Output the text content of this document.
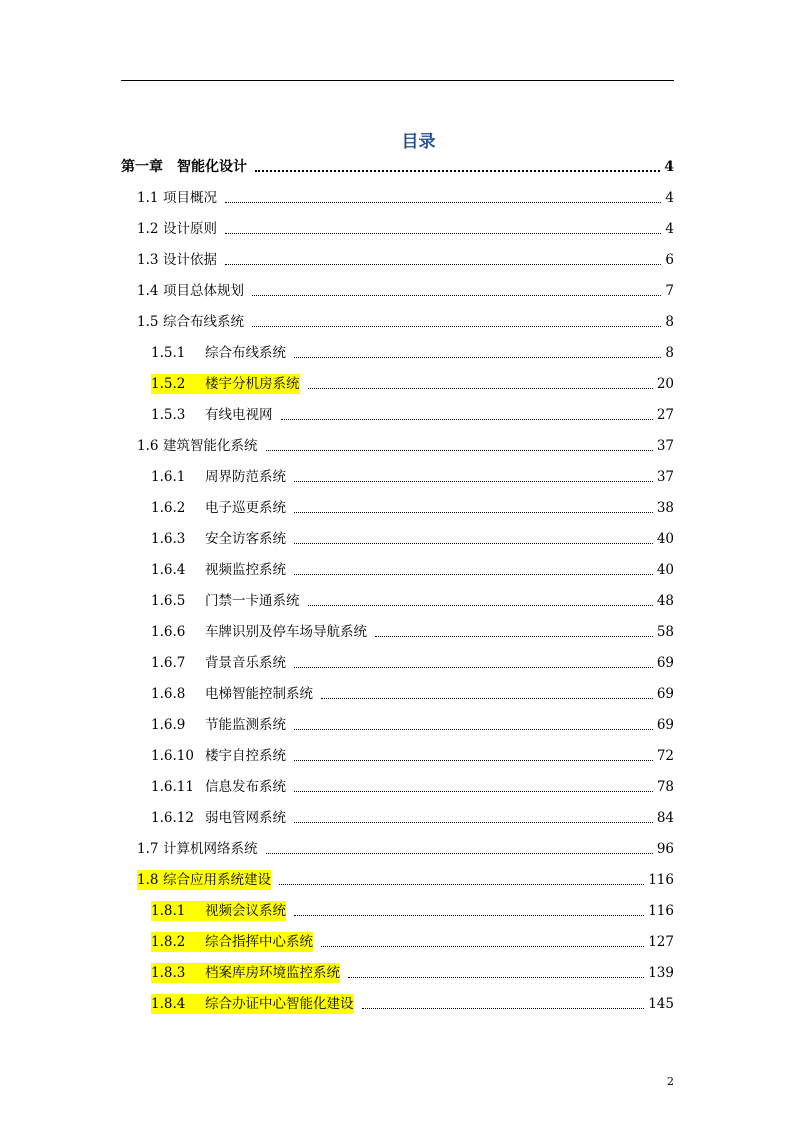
目录
第一章 智能化设计	4
1.1 项目概况	4
1.2 设计原则	4
1.3 设计依据	6
1.4 项目总体规划	7
1.5 综合布线系统	8
1.5.1 综合布线系统	8
1.5.2 楼宇分机房系统	20
1.5.3 有线电视网	27
1.6 建筑智能化系统	37
1.6.1 周界防范系统	37
1.6.2 电子巡更系统	38
1.6.3 安全访客系统	40
1.6.4 视频监控系统	40
1.6.5 门禁一卡通系统	48
1.6.6 车牌识别及停车场导航系统	58
1.6.7 背景音乐系统	69
1.6.8 电梯智能控制系统	69
1.6.9 节能监测系统	69
1.6.10 楼宇自控系统	72
1.6.11 信息发布系统	78
1.6.12 弱电管网系统	84
1.7 计算机网络系统	96
1.8 综合应用系统建设	116
1.8.1 视频会议系统	116
1.8.2 综合指挥中心系统	127
1.8.3 档案库房环境监控系统	139
1.8.4 综合办证中心智能化建设	145
2
